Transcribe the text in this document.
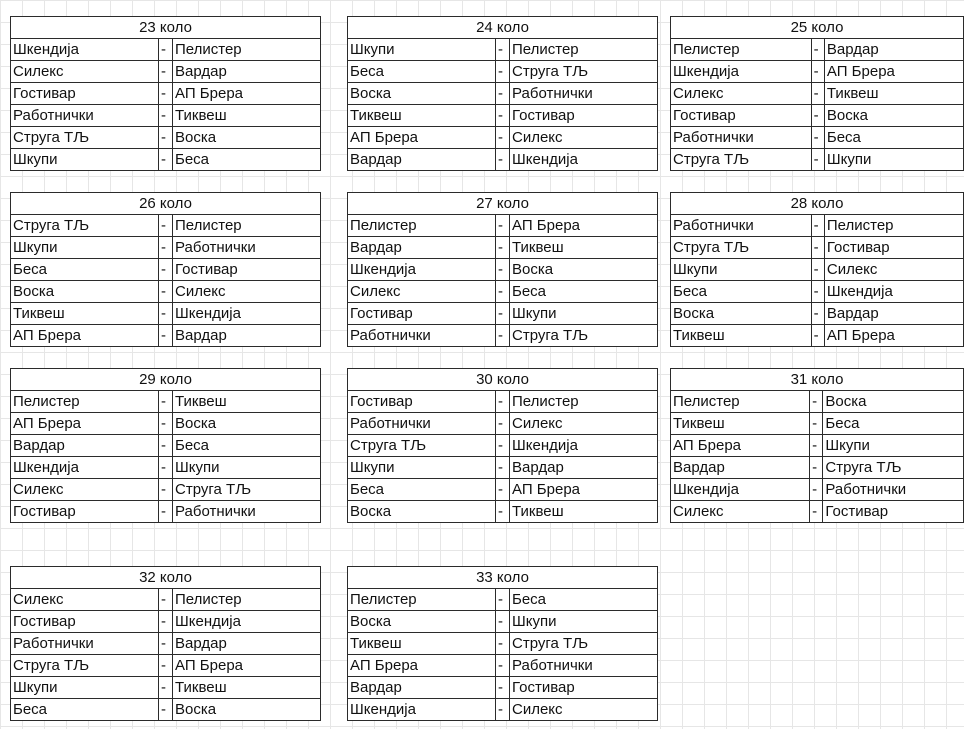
23 коло		
Шкендија	-	Пелистер
Силекс	-	Вардар
Гостивар	-	АП Брера
Работнички	-	Тиквеш
Струга ТЉ	-	Воска
Шкупи	-	Беса
24 коло		
Шкупи	-	Пелистер
Беса	-	Струга ТЉ
Воска	-	Работнички
Тиквеш	-	Гостивар
АП Брера	-	Силекс
Вардар	-	Шкендија
25 коло		
Пелистер	-	Вардар
Шкендија	-	АП Брера
Силекс	-	Тиквеш
Гостивар	-	Воска
Работнички	-	Беса
Струга ТЉ	-	Шкупи
26 коло		
Струга ТЉ	-	Пелистер
Шкупи	-	Работнички
Беса	-	Гостивар
Воска	-	Силекс
Тиквеш	-	Шкендија
АП Брера	-	Вардар
27 коло		
Пелистер	-	АП Брера
Вардар	-	Тиквеш
Шкендија	-	Воска
Силекс	-	Беса
Гостивар	-	Шкупи
Работнички	-	Струга ТЉ
28 коло		
Работнички	-	Пелистер
Струга ТЉ	-	Гостивар
Шкупи	-	Силекс
Беса	-	Шкендија
Воска	-	Вардар
Тиквеш	-	АП Брера
29 коло		
Пелистер	-	Тиквеш
АП Брера	-	Воска
Вардар	-	Беса
Шкендија	-	Шкупи
Силекс	-	Струга ТЉ
Гостивар	-	Работнички
30 коло		
Гостивар	-	Пелистер
Работнички	-	Силекс
Струга ТЉ	-	Шкендија
Шкупи	-	Вардар
Беса	-	АП Брера
Воска	-	Тиквеш
31 коло		
Пелистер	-	Воска
Тиквеш	-	Беса
АП Брера	-	Шкупи
Вардар	-	Струга ТЉ
Шкендија	-	Работнички
Силекс	-	Гостивар
32 коло		
Силекс	-	Пелистер
Гостивар	-	Шкендија
Работнички	-	Вардар
Струга ТЉ	-	АП Брера
Шкупи	-	Тиквеш
Беса	-	Воска
33 коло		
Пелистер	-	Беса
Воска	-	Шкупи
Тиквеш	-	Струга ТЉ
АП Брера	-	Работнички
Вардар	-	Гостивар
Шкендија	-	Силекс
